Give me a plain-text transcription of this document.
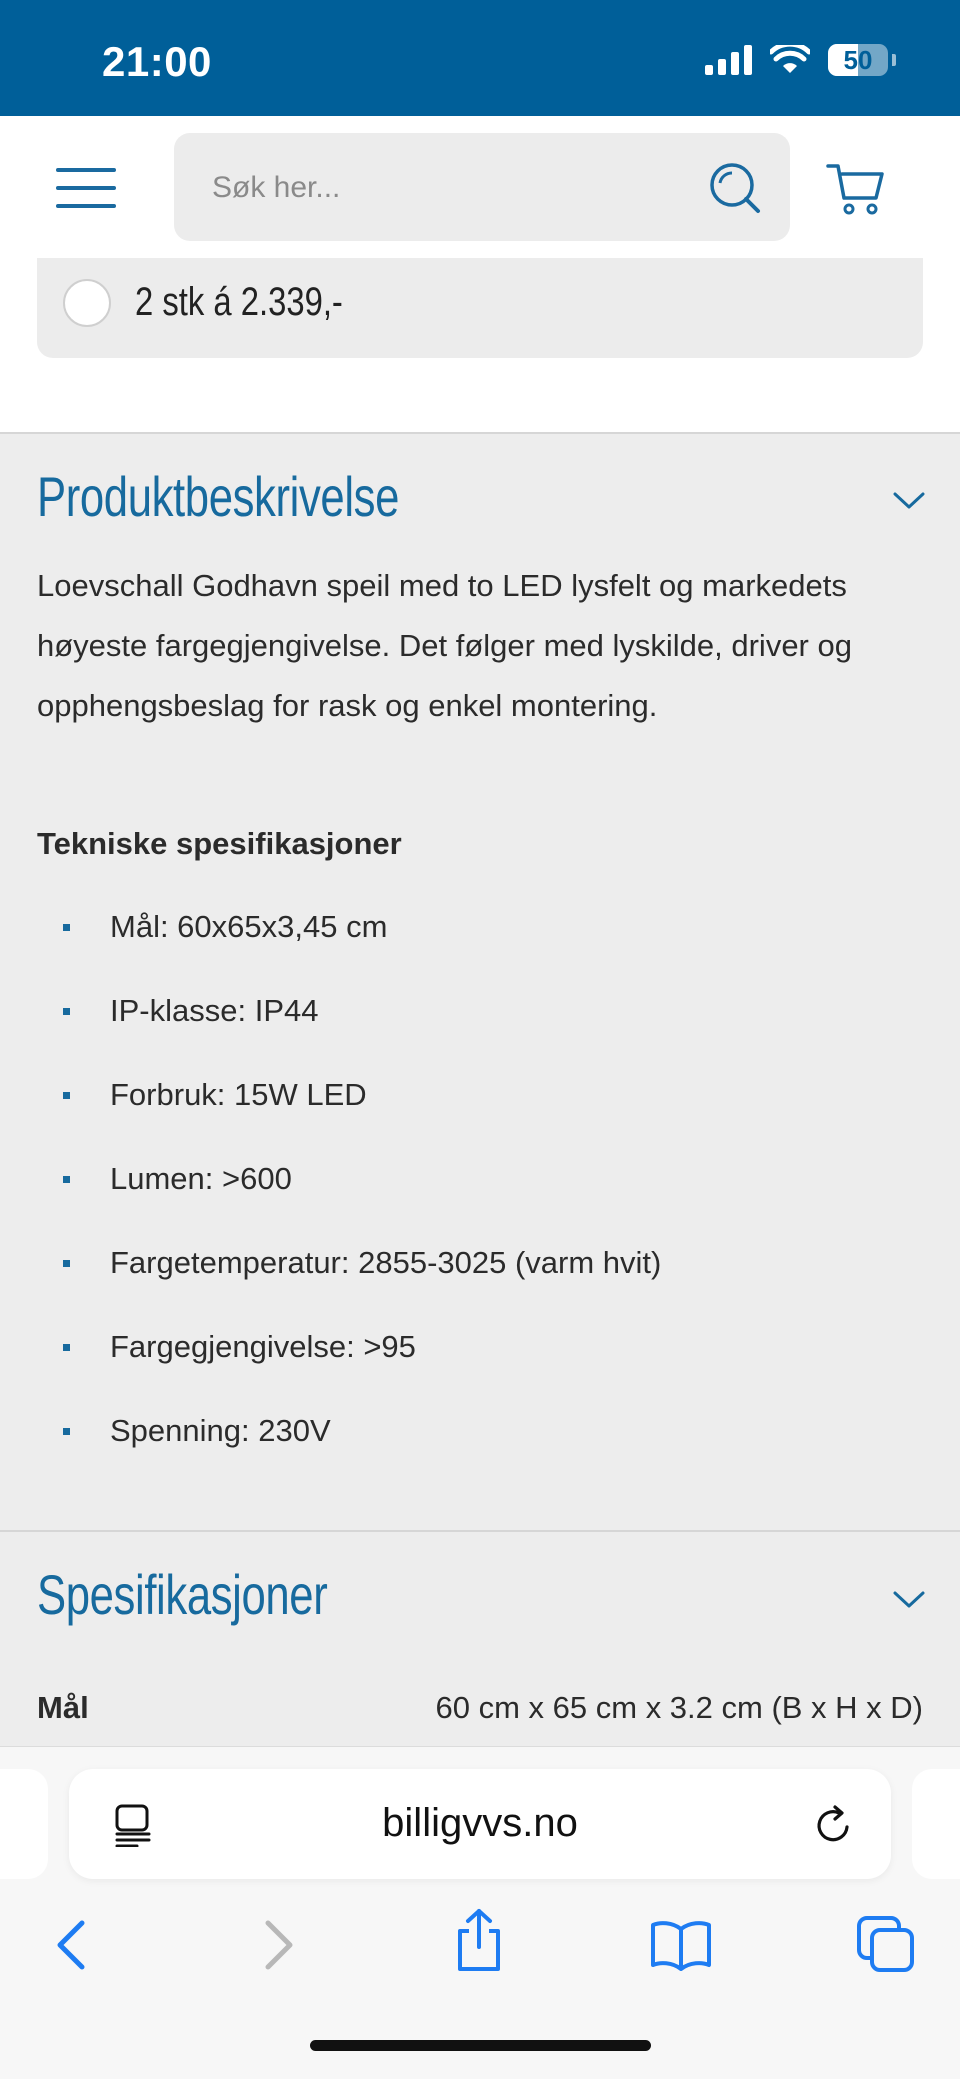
21:00	50
Søk her...
2 stk á 2.339,-
Produktbeskrivelse
Loevschall Godhavn speil med to LED lysfelt og markedets høyeste fargegjengivelse. Det følger med lyskilde, driver og opphengsbeslag for rask og enkel montering.
Tekniske spesifikasjoner
Mål: 60x65x3,45 cm
IP-klasse: IP44
Forbruk: 15W LED
Lumen: >600
Fargetemperatur: 2855-3025 (varm hvit)
Fargegjengivelse: >95
Spenning: 230V
Spesifikasjoner
Mål	60 cm x 65 cm x 3.2 cm (B x H x D)
billigvvs.no
